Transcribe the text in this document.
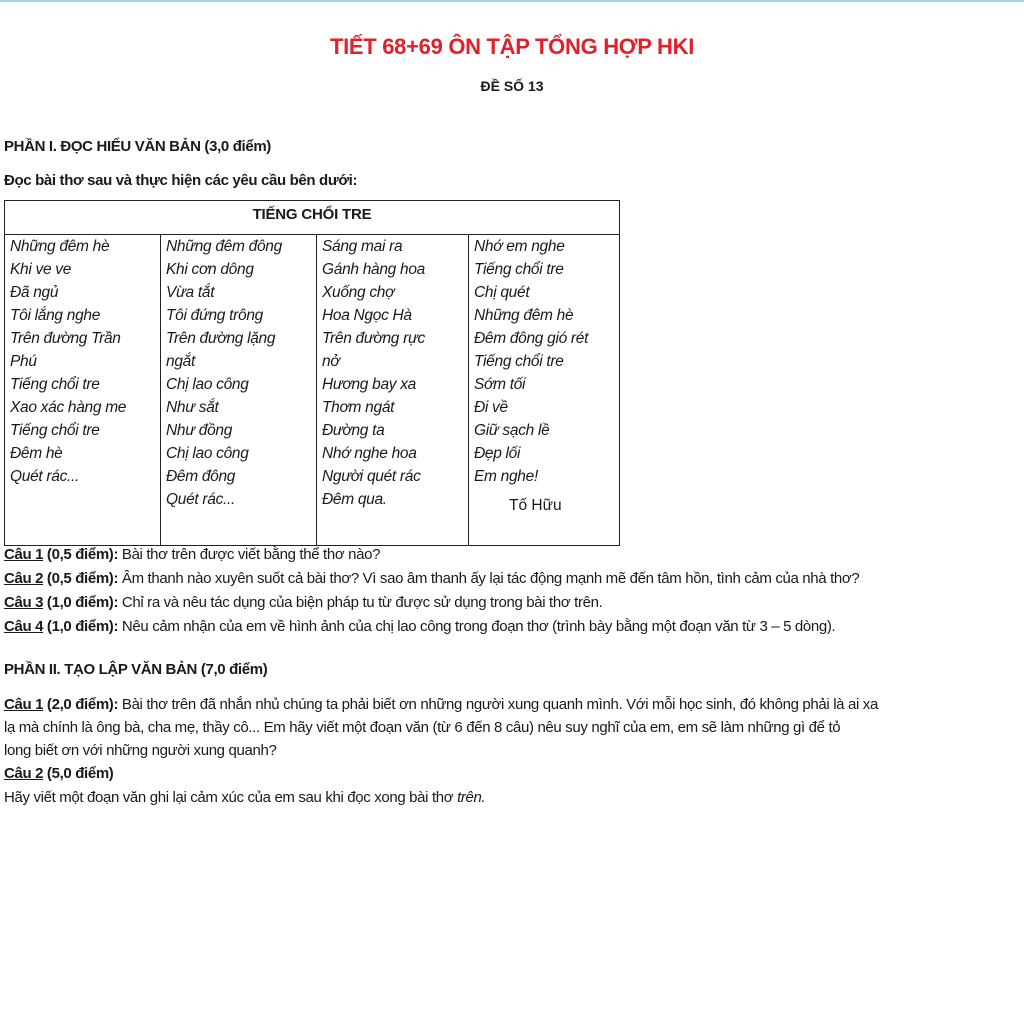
TIẾT 68+69 ÔN TẬP TỔNG HỢP HKI
ĐỀ SỐ 13
PHẦN I. ĐỌC HIỂU VĂN BẢN (3,0 điểm)
Đọc bài thơ sau và thực hiện các yêu cầu bên dưới:
TIẾNG CHỔI TRE
Những đêm hè
Khi ve ve
Đã ngủ
Tôi lắng nghe
Trên đường Trần
Phú
Tiếng chổi tre
Xao xác hàng me
Tiếng chổi tre
Đêm hè
Quét rác...
Những đêm đông
Khi cơn dông
Vừa tắt
Tôi đứng trông
Trên đường lặng
ngắt
Chị lao công
Như sắt
Như đồng
Chị lao công
Đêm đông
Quét rác...
Sáng mai ra
Gánh hàng hoa
Xuống chợ
Hoa Ngọc Hà
Trên đường rực
nở
Hương bay xa
Thơm ngát
Đường ta
Nhớ nghe hoa
Người quét rác
Đêm qua.
Nhớ em nghe
Tiếng chổi tre
Chị quét
Những đêm hè
Đêm đông gió rét
Tiếng chổi tre
Sớm tối
Đi về
Giữ sạch lề
Đẹp lối
Em nghe!
Tố Hữu
Câu 1 (0,5 điểm): Bài thơ trên được viết bằng thể thơ nào?
Câu 2 (0,5 điểm): Âm thanh nào xuyên suốt cả bài thơ? Vì sao âm thanh ấy lại tác động mạnh mẽ đến tâm hồn, tình cảm của nhà thơ?
Câu 3 (1,0 điểm): Chỉ ra và nêu tác dụng của biện pháp tu từ được sử dụng trong bài thơ trên.
Câu 4 (1,0 điểm): Nêu cảm nhận của em về hình ảnh của chị lao công trong đoạn thơ (trình bày bằng một đoạn văn từ 3 – 5 dòng).
PHẦN II. TẠO LẬP VĂN BẢN (7,0 điểm)
Câu 1 (2,0 điểm): Bài thơ trên đã nhắn nhủ chúng ta phải biết ơn những người xung quanh mình. Với mỗi học sinh, đó không phải là ai xa
lạ mà chính là ông bà, cha mẹ, thầy cô... Em hãy viết một đoạn văn (từ 6 đến 8 câu) nêu suy nghĩ của em, em sẽ làm những gì để tỏ
long biết ơn với những người xung quanh?
Câu 2 (5,0 điểm)
Hãy viết một đoạn văn ghi lại cảm xúc của em sau khi đọc xong bài thơ trên.
